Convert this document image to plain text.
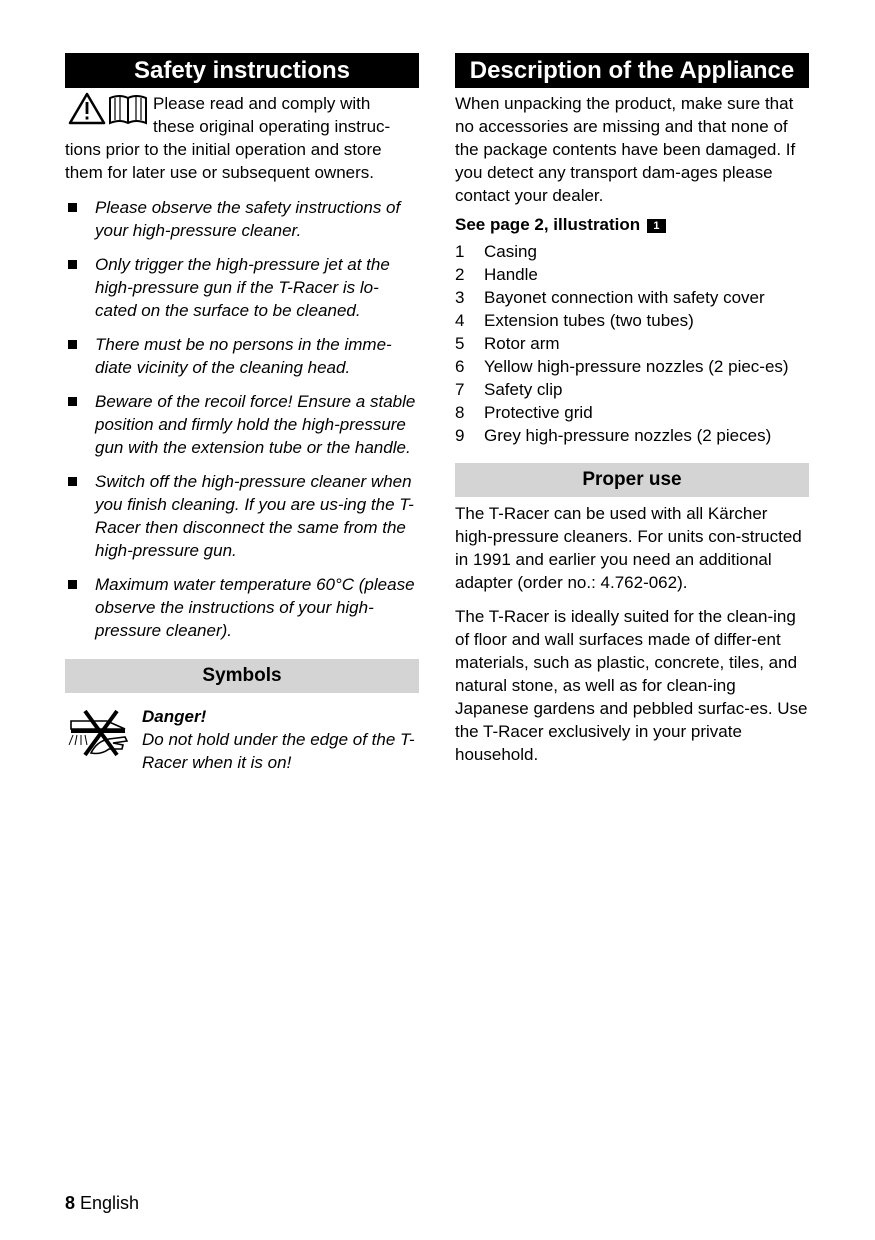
Safety instructions

Please read and comply with

these original operating instruc-

tions prior to the initial operation and store them for later use or subsequent owners.

Please observe the safety instructions of your high-pressure cleaner.
Only trigger the high-pressure jet at the high-pressure gun if the T-Racer is lo-cated on the surface to be cleaned.
There must be no persons in the imme-diate vicinity of the cleaning head.
Beware of the recoil force! Ensure a stable position and firmly hold the high-pressure gun with the extension tube or the handle.
Switch off the high-pressure cleaner when you finish cleaning. If you are us-ing the T-Racer then disconnect the same from the high-pressure gun.
Maximum water temperature 60°C (please observe the instructions of your high-pressure cleaner).
Symbols
Danger!
Do not hold under the edge of the T-Racer when it is on!
Description of the Appliance

When unpacking the product, make sure that no accessories are missing and that none of the package contents have been damaged. If you detect any transport dam-ages please contact your dealer.

See page 2, illustration 1

1 Casing
2 Handle
3 Bayonet connection with safety cover
4 Extension tubes (two tubes)
5 Rotor arm
6 Yellow high-pressure nozzles (2 piec-es)
7 Safety clip
8 Protective grid
9 Grey high-pressure nozzles (2 pieces)
Proper use

The T-Racer can be used with all Kärcher high-pressure cleaners. For units con-structed in 1991 and earlier you need an additional adapter (order no.: 4.762-062).

The T-Racer is ideally suited for the clean-ing of floor and wall surfaces made of differ-ent materials, such as plastic, concrete, tiles, and natural stone, as well as for clean-ing Japanese gardens and pebbled surfac-es. Use the T-Racer exclusively in your private household.

8 English
